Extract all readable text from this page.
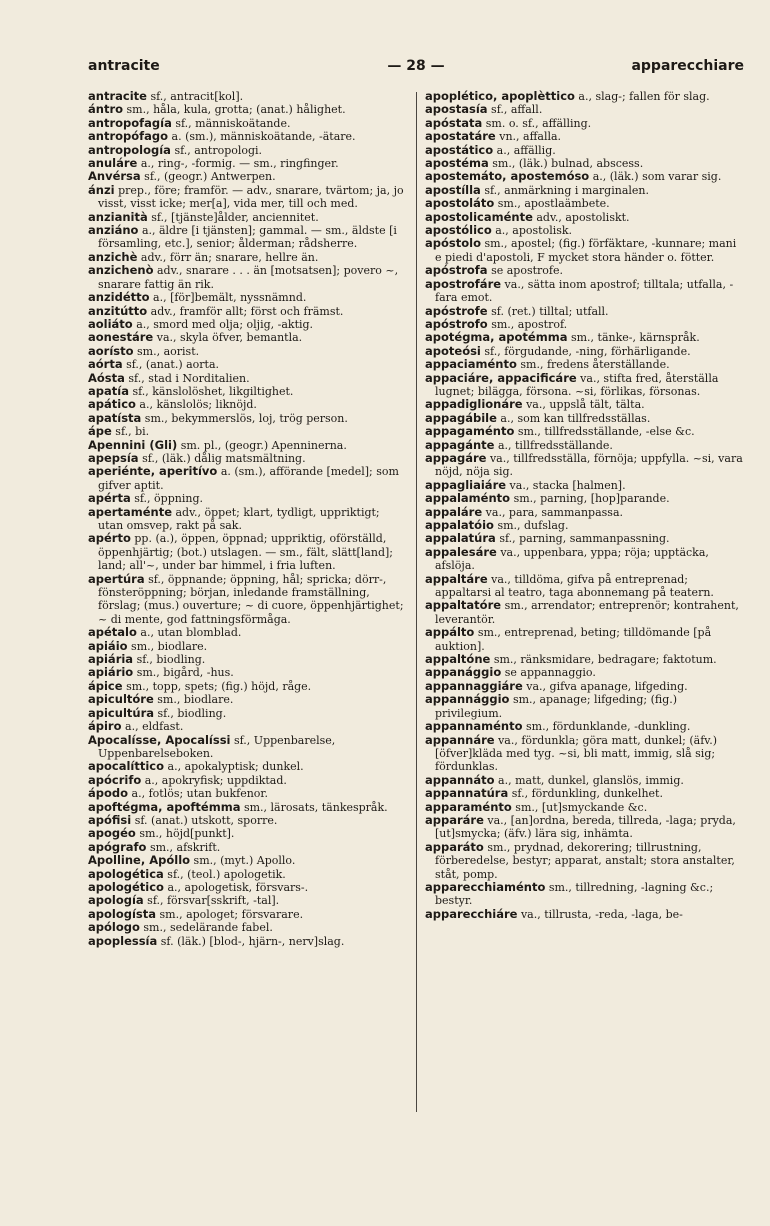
antracite	— 28 —	apparecchiare

antracite sf., antracit[kol].

ántro sm., håla, kula, grotta; (anat.) hålighet.

antropofagía sf., människoätande.

antropófago a. (sm.), människoätande, -ätare.

antropología sf., antropologi.

anuláre a., ring-, -formig. — sm., ringfinger.

Anvérsa sf., (geogr.) Antwerpen.

ánzi prep., före; framför. — adv., snarare, tvärtom; ja, jo visst, visst icke; mer[a], vida mer, till och med.

anzianità sf., [tjänste]ålder, anciennitet.

anziáno a., äldre [i tjänsten]; gammal. — sm., äldste [i församling, etc.], senior; ålderman; rådsherre.

anzichè adv., förr än; snarare, hellre än.

anzichenò adv., snarare . . . än [motsatsen]; povero ~, snarare fattig än rik.

anzidétto a., [för]bemält, nyssnämnd.

anzitútto adv., framför allt; först och främst.

aoliáto a., smord med olja; oljig, -aktig.

aonestáre va., skyla öfver, bemantla.

aorísto sm., aorist.

aórta sf., (anat.) aorta.

Aósta sf., stad i Norditalien.

apatía sf., känslolöshet, likgiltighet.

apático a., känslolös; liknöjd.

apatísta sm., bekymmerslös, loj, trög person.

ápe sf., bi.

Apennini (Gli) sm. pl., (geogr.) Apenninerna.

apepsía sf., (läk.) dålig matsmältning.

aperiénte, aperitívo a. (sm.), afförande [medel]; som gifver aptit.

apérta sf., öppning.

apertaménte adv., öppet; klart, tydligt, uppriktigt; utan omsvep, rakt på sak.

apérto pp. (a.), öppen, öppnad; uppriktig, oförställd, öppenhjärtig; (bot.) utslagen. — sm., fält, slätt[land]; land; all'~, under bar himmel, i fria luften.

apertúra sf., öppnande; öppning, hål; spricka; dörr-, fönsteröppning; början, inledande framställning, förslag; (mus.) ouverture; ~ di cuore, öppenhjärtighet; ~ di mente, god fattningsförmåga.

apétalo a., utan blomblad.

apiáio sm., biodlare.

apiária sf., biodling.

apiário sm., bigård, -hus.

ápice sm., topp, spets; (fig.) höjd, råge.

apicultóre sm., biodlare.

apicultúra sf., biodling.

ápiro a., eldfast.

Apocalísse, Apocalíssi sf., Uppenbarelse, Uppenbarelseboken.

apocalíttico a., apokalyptisk; dunkel.

apócrifo a., apokryfisk; uppdiktad.

ápodo a., fotlös; utan bukfenor.

apoftégma, apoftémma sm., lärosats, tänkespråk.

apófisi sf. (anat.) utskott, sporre.

apogéo sm., höjd[punkt].

apógrafo sm., afskrift.

Apolline, Apóllo sm., (myt.) Apollo.

apologética sf., (teol.) apologetik.

apologético a., apologetisk, försvars-.

apología sf., försvar[sskrift, -tal].

apologísta sm., apologet; försvarare.

apólogo sm., sedelärande fabel.

apoplessía sf. (läk.) [blod-, hjärn-, nerv]slag.

apoplético, apoplèttico a., slag-; fallen för slag.

apostasía sf., affall.

apóstata sm. o. sf., affälling.

apostatáre vn., affalla.

apostático a., affällig.

apostéma sm., (läk.) bulnad, abscess.

apostemáto, apostemóso a., (läk.) som varar sig.

apostílla sf., anmärkning i marginalen.

apostoláto sm., apostlaämbete.

apostolicaménte adv., apostoliskt.

apostólico a., apostolisk.

apóstolo sm., apostel; (fig.) förfäktare, -kunnare; mani e piedi d'apostoli, F mycket stora händer o. fötter.

apóstrofa se apostrofe.

apostrofáre va., sätta inom apostrof; tilltala; utfalla, -fara emot.

apóstrofe sf. (ret.) tilltal; utfall.

apóstrofo sm., apostrof.

apotégma, apotémma sm., tänke-, kärnspråk.

apoteósi sf., förgudande, -ning, förhärligande.

appaciaménto sm., fredens återställande.

appaciáre, appacificáre va., stifta fred, återställa lugnet; bilägga, försona. ~si, förlikas, försonas.

appadiglionáre va., uppslå tält, tälta.

appagábile a., som kan tillfredsställas.

appagaménto sm., tillfredsställande, -else &c.

appagánte a., tillfredsställande.

appagáre va., tillfredsställa, förnöja; uppfylla. ~si, vara nöjd, nöja sig.

appagliaiáre va., stacka [halmen].

appalaménto sm., parning, [hop]parande.

appaláre va., para, sammanpassa.

appalatóio sm., dufslag.

appalatúra sf., parning, sammanpassning.

appalesáre va., uppenbara, yppa; röja; upptäcka, afslöja.

appaltáre va., tilldöma, gifva på entreprenad; appaltarsi al teatro, taga abonnemang på teatern.

appaltatóre sm., arrendator; entreprenör; kontrahent, leverantör.

appálto sm., entreprenad, beting; tilldömande [på auktion].

appaltóne sm., ränksmidare, bedragare; faktotum.

appanággio se appannaggio.

appannaggiáre va., gifva apanage, lifgeding.

appannággio sm., apanage; lifgeding; (fig.) privilegium.

appannaménto sm., fördunklande, -dunkling.

appannáre va., fördunkla; göra matt, dunkel; (äfv.) [öfver]kläda med tyg. ~si, bli matt, immig, slå sig; fördunklas.

appannáto a., matt, dunkel, glanslös, immig.

appannatúra sf., fördunkling, dunkelhet.

apparaménto sm., [ut]smyckande &c.

apparáre va., [an]ordna, bereda, tillreda, -laga; pryda, [ut]smycka; (äfv.) lära sig, inhämta.

apparáto sm., prydnad, dekorering; tillrustning, förberedelse, bestyr; apparat, anstalt; stora anstalter, ståt, pomp.

apparecchiaménto sm., tillredning, -lagning &c.; bestyr.

apparecchiáre va., tillrusta, -reda, -laga, be-
